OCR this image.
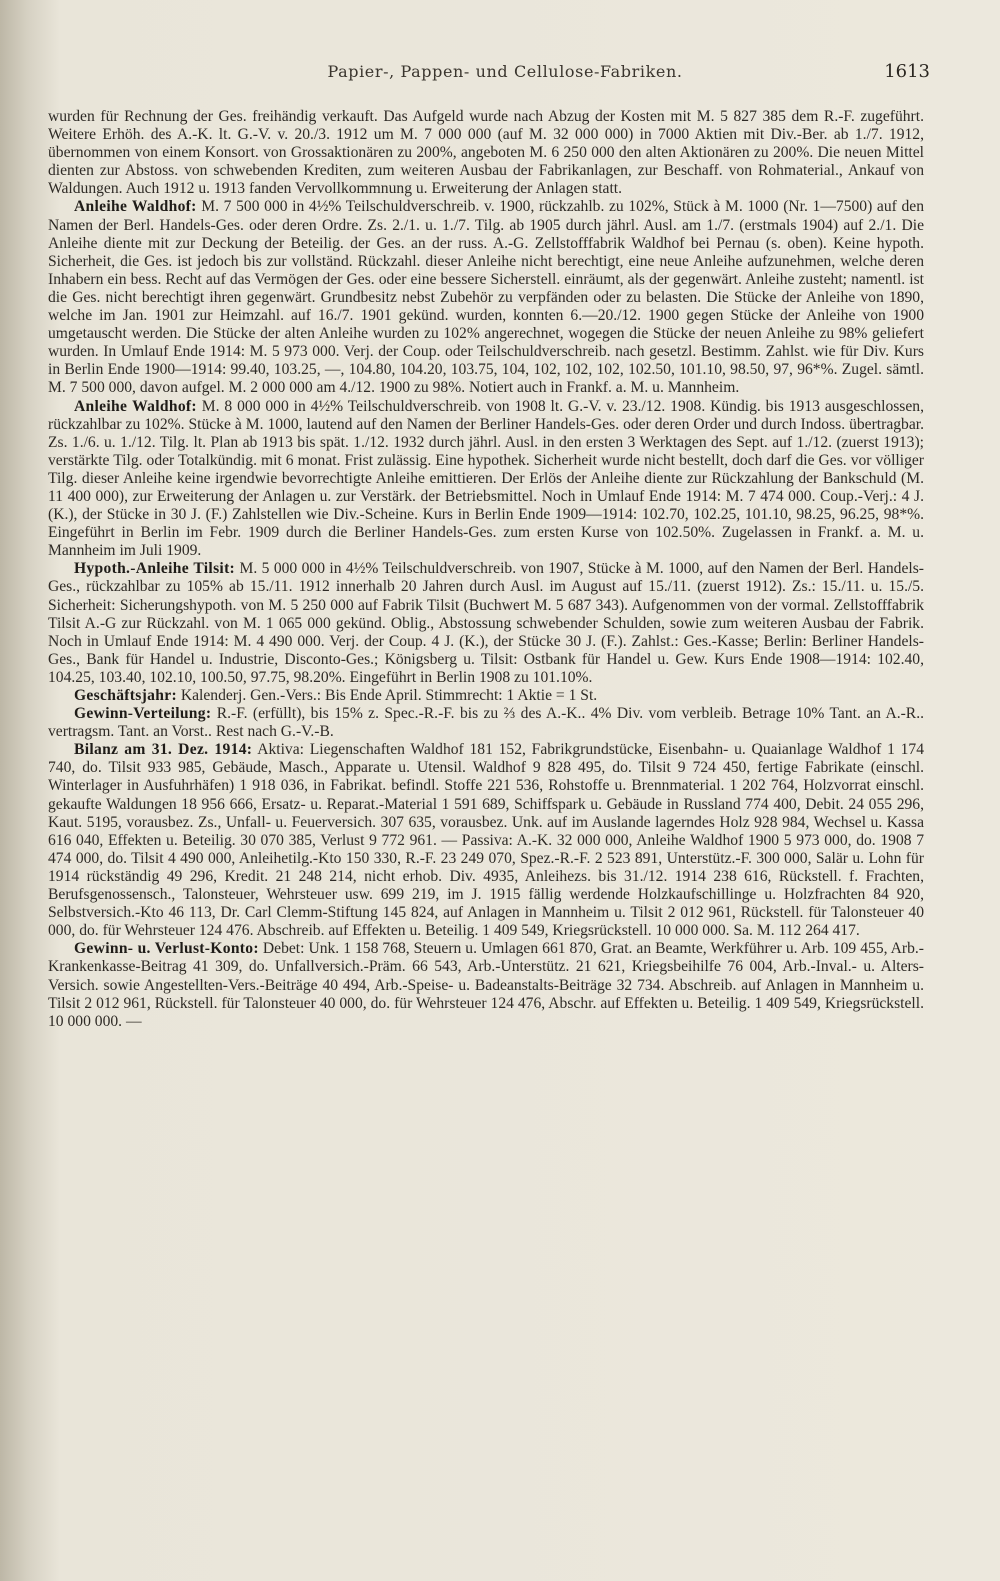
Papier-, Pappen- und Cellulose-Fabriken.	1613

wurden für Rechnung der Ges. freihändig verkauft. Das Aufgeld wurde nach Abzug der Kosten mit M. 5 827 385 dem R.-F. zugeführt. Weitere Erhöh. des A.-K. lt. G.-V. v. 20./3. 1912 um M. 7 000 000 (auf M. 32 000 000) in 7000 Aktien mit Div.-Ber. ab 1./7. 1912, übernommen von einem Konsort. von Grossaktionären zu 200%, angeboten M. 6 250 000 den alten Aktionären zu 200%. Die neuen Mittel dienten zur Abstoss. von schwebenden Krediten, zum weiteren Ausbau der Fabrikanlagen, zur Beschaff. von Rohmaterial., Ankauf von Waldungen. Auch 1912 u. 1913 fanden Vervollkommnung u. Erweiterung der Anlagen statt.

Anleihe Waldhof: M. 7 500 000 in 4½% Teilschuldverschreib. v. 1900, rückzahlb. zu 102%, Stück à M. 1000 (Nr. 1—7500) auf den Namen der Berl. Handels-Ges. oder deren Ordre. Zs. 2./1. u. 1./7. Tilg. ab 1905 durch jährl. Ausl. am 1./7. (erstmals 1904) auf 2./1. Die Anleihe diente mit zur Deckung der Beteilig. der Ges. an der russ. A.-G. Zellstofffabrik Waldhof bei Pernau (s. oben). Keine hypoth. Sicherheit, die Ges. ist jedoch bis zur vollständ. Rückzahl. dieser Anleihe nicht berechtigt, eine neue Anleihe aufzunehmen, welche deren Inhabern ein bess. Recht auf das Vermögen der Ges. oder eine bessere Sicherstell. einräumt, als der gegenwärt. Anleihe zusteht; namentl. ist die Ges. nicht berechtigt ihren gegenwärt. Grundbesitz nebst Zubehör zu verpfänden oder zu belasten. Die Stücke der Anleihe von 1890, welche im Jan. 1901 zur Heimzahl. auf 16./7. 1901 gekünd. wurden, konnten 6.—20./12. 1900 gegen Stücke der Anleihe von 1900 umgetauscht werden. Die Stücke der alten Anleihe wurden zu 102% angerechnet, wogegen die Stücke der neuen Anleihe zu 98% geliefert wurden. In Umlauf Ende 1914: M. 5 973 000. Verj. der Coup. oder Teilschuldverschreib. nach gesetzl. Bestimm. Zahlst. wie für Div. Kurs in Berlin Ende 1900—1914: 99.40, 103.25, —, 104.80, 104.20, 103.75, 104, 102, 102, 102, 102.50, 101.10, 98.50, 97, 96*%. Zugel. sämtl. M. 7 500 000, davon aufgel. M. 2 000 000 am 4./12. 1900 zu 98%. Notiert auch in Frankf. a. M. u. Mannheim.

Anleihe Waldhof: M. 8 000 000 in 4½% Teilschuldverschreib. von 1908 lt. G.-V. v. 23./12. 1908. Kündig. bis 1913 ausgeschlossen, rückzahlbar zu 102%. Stücke à M. 1000, lautend auf den Namen der Berliner Handels-Ges. oder deren Order und durch Indoss. übertragbar. Zs. 1./6. u. 1./12. Tilg. lt. Plan ab 1913 bis spät. 1./12. 1932 durch jährl. Ausl. in den ersten 3 Werktagen des Sept. auf 1./12. (zuerst 1913); verstärkte Tilg. oder Totalkündig. mit 6 monat. Frist zulässig. Eine hypothek. Sicherheit wurde nicht bestellt, doch darf die Ges. vor völliger Tilg. dieser Anleihe keine irgendwie bevorrechtigte Anleihe emittieren. Der Erlös der Anleihe diente zur Rückzahlung der Bankschuld (M. 11 400 000), zur Erweiterung der Anlagen u. zur Verstärk. der Betriebsmittel. Noch in Umlauf Ende 1914: M. 7 474 000. Coup.-Verj.: 4 J. (K.), der Stücke in 30 J. (F.) Zahlstellen wie Div.-Scheine. Kurs in Berlin Ende 1909—1914: 102.70, 102.25, 101.10, 98.25, 96.25, 98*%. Eingeführt in Berlin im Febr. 1909 durch die Berliner Handels-Ges. zum ersten Kurse von 102.50%. Zugelassen in Frankf. a. M. u. Mannheim im Juli 1909.

Hypoth.-Anleihe Tilsit: M. 5 000 000 in 4½% Teilschuldverschreib. von 1907, Stücke à M. 1000, auf den Namen der Berl. Handels-Ges., rückzahlbar zu 105% ab 15./11. 1912 innerhalb 20 Jahren durch Ausl. im August auf 15./11. (zuerst 1912). Zs.: 15./11. u. 15./5. Sicherheit: Sicherungshypoth. von M. 5 250 000 auf Fabrik Tilsit (Buchwert M. 5 687 343). Aufgenommen von der vormal. Zellstofffabrik Tilsit A.-G zur Rückzahl. von M. 1 065 000 gekünd. Oblig., Abstossung schwebender Schulden, sowie zum weiteren Ausbau der Fabrik. Noch in Umlauf Ende 1914: M. 4 490 000. Verj. der Coup. 4 J. (K.), der Stücke 30 J. (F.). Zahlst.: Ges.-Kasse; Berlin: Berliner Handels-Ges., Bank für Handel u. Industrie, Disconto-Ges.; Königsberg u. Tilsit: Ostbank für Handel u. Gew. Kurs Ende 1908—1914: 102.40, 104.25, 103.40, 102.10, 100.50, 97.75, 98.20%. Eingeführt in Berlin 1908 zu 101.10%.

Geschäftsjahr: Kalenderj. Gen.-Vers.: Bis Ende April. Stimmrecht: 1 Aktie = 1 St.

Gewinn-Verteilung: R.-F. (erfüllt), bis 15% z. Spec.-R.-F. bis zu ⅔ des A.-K.. 4% Div. vom verbleib. Betrage 10% Tant. an A.-R.. vertragsm. Tant. an Vorst.. Rest nach G.-V.-B.

Bilanz am 31. Dez. 1914: Aktiva: Liegenschaften Waldhof 181 152, Fabrikgrundstücke, Eisenbahn- u. Quaianlage Waldhof 1 174 740, do. Tilsit 933 985, Gebäude, Masch., Apparate u. Utensil. Waldhof 9 828 495, do. Tilsit 9 724 450, fertige Fabrikate (einschl. Winterlager in Ausfuhrhäfen) 1 918 036, in Fabrikat. befindl. Stoffe 221 536, Rohstoffe u. Brennmaterial. 1 202 764, Holzvorrat einschl. gekaufte Waldungen 18 956 666, Ersatz- u. Reparat.-Material 1 591 689, Schiffspark u. Gebäude in Russland 774 400, Debit. 24 055 296, Kaut. 5195, vorausbez. Zs., Unfall- u. Feuerversich. 307 635, vorausbez. Unk. auf im Auslande lagerndes Holz 928 984, Wechsel u. Kassa 616 040, Effekten u. Beteilig. 30 070 385, Verlust 9 772 961. — Passiva: A.-K. 32 000 000, Anleihe Waldhof 1900 5 973 000, do. 1908 7 474 000, do. Tilsit 4 490 000, Anleihetilg.-Kto 150 330, R.-F. 23 249 070, Spez.-R.-F. 2 523 891, Unterstütz.-F. 300 000, Salär u. Lohn für 1914 rückständig 49 296, Kredit. 21 248 214, nicht erhob. Div. 4935, Anleihezs. bis 31./12. 1914 238 616, Rückstell. f. Frachten, Berufsgenossensch., Talonsteuer, Wehrsteuer usw. 699 219, im J. 1915 fällig werdende Holzkaufschillinge u. Holzfrachten 84 920, Selbstversich.-Kto 46 113, Dr. Carl Clemm-Stiftung 145 824, auf Anlagen in Mannheim u. Tilsit 2 012 961, Rückstell. für Talonsteuer 40 000, do. für Wehrsteuer 124 476. Abschreib. auf Effekten u. Beteilig. 1 409 549, Kriegsrückstell. 10 000 000. Sa. M. 112 264 417.

Gewinn- u. Verlust-Konto: Debet: Unk. 1 158 768, Steuern u. Umlagen 661 870, Grat. an Beamte, Werkführer u. Arb. 109 455, Arb.-Krankenkasse-Beitrag 41 309, do. Unfallversich.-Präm. 66 543, Arb.-Unterstütz. 21 621, Kriegsbeihilfe 76 004, Arb.-Inval.- u. Alters-Versich. sowie Angestellten-Vers.-Beiträge 40 494, Arb.-Speise- u. Badeanstalts-Beiträge 32 734. Abschreib. auf Anlagen in Mannheim u. Tilsit 2 012 961, Rückstell. für Talonsteuer 40 000, do. für Wehrsteuer 124 476, Abschr. auf Effekten u. Beteilig. 1 409 549, Kriegsrückstell. 10 000 000. —
